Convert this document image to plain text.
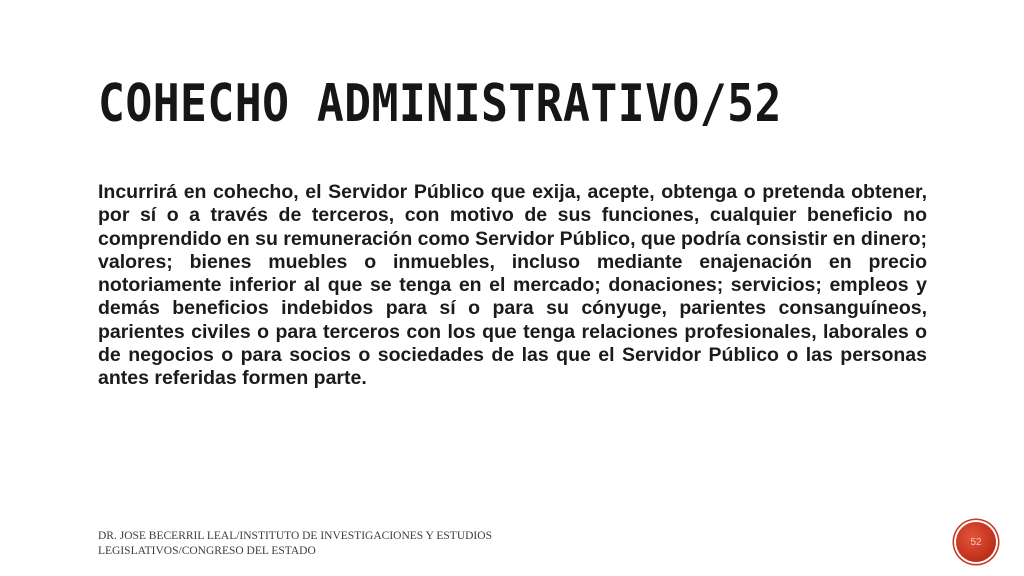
COHECHO ADMINISTRATIVO/52

Incurrirá en cohecho, el Servidor Público que exija, acepte, obtenga o pretenda obtener, por sí o a través de terceros, con motivo de sus funciones, cualquier beneficio no comprendido en su remuneración como Servidor Público, que podría consistir en dinero; valores; bienes muebles o inmuebles, incluso mediante enajenación en precio notoriamente inferior al que se tenga en el mercado; donaciones; servicios; empleos y demás beneficios indebidos para sí o para su cónyuge, parientes consanguíneos, parientes civiles o para terceros con los que tenga relaciones profesionales, laborales o de negocios o para socios o sociedades de las que el Servidor Público o las personas antes referidas formen parte.

DR. JOSE BECERRIL LEAL/INSTITUTO DE INVESTIGACIONES Y ESTUDIOS LEGISLATIVOS/CONGRESO DEL ESTADO
52
